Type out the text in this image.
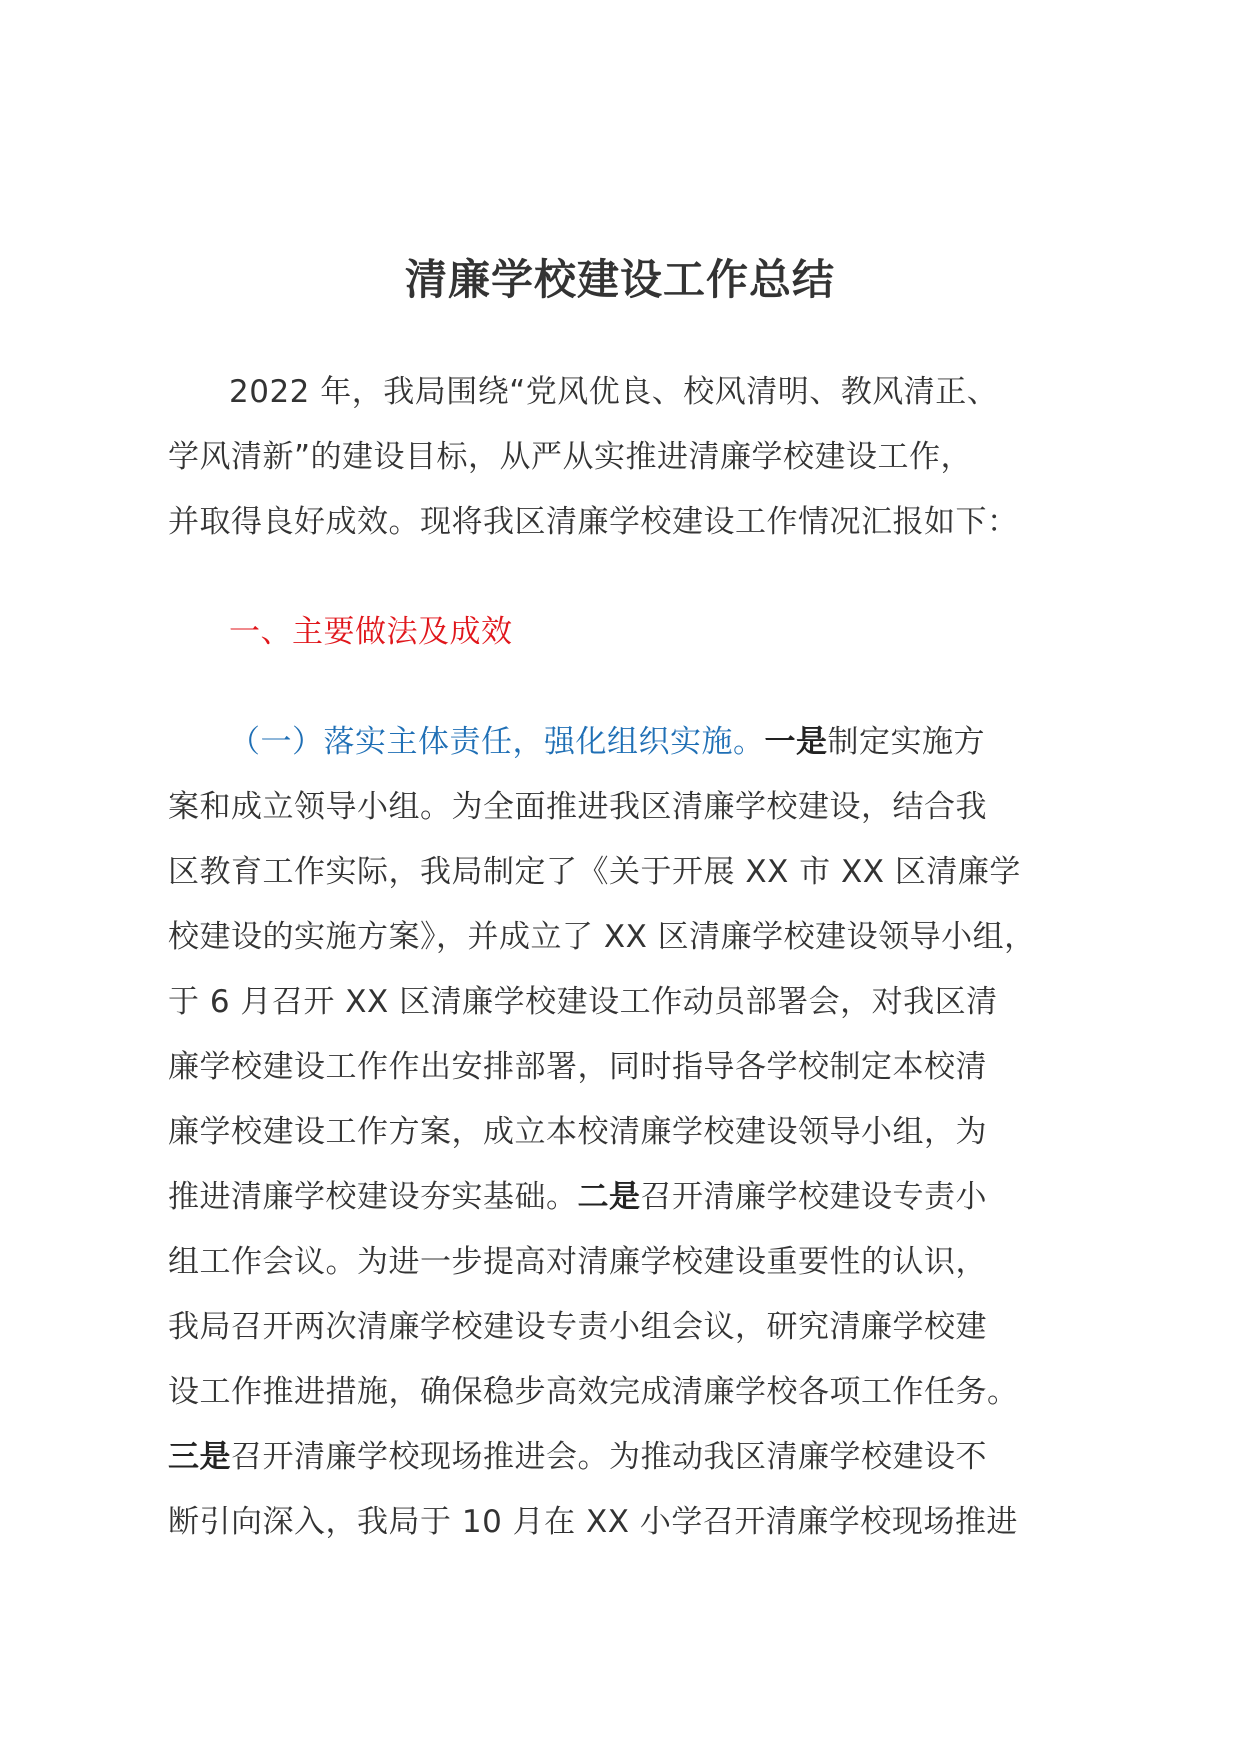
清廉学校建设工作总结
2022 年，我局围绕“党风优良、校风清明、教风清正、
学风清新”的建设目标，从严从实推进清廉学校建设工作，
并取得良好成效。现将我区清廉学校建设工作情况汇报如下：
一、主要做法及成效
（一）落实主体责任，强化组织实施。一是制定实施方
案和成立领导小组。为全面推进我区清廉学校建设，结合我
区教育工作实际，我局制定了《关于开展 XX 市 XX 区清廉学
校建设的实施方案》，并成立了 XX 区清廉学校建设领导小组，
于 6 月召开 XX 区清廉学校建设工作动员部署会，对我区清
廉学校建设工作作出安排部署，同时指导各学校制定本校清
廉学校建设工作方案，成立本校清廉学校建设领导小组，为
推进清廉学校建设夯实基础。二是召开清廉学校建设专责小
组工作会议。为进一步提高对清廉学校建设重要性的认识，
我局召开两次清廉学校建设专责小组会议，研究清廉学校建
设工作推进措施，确保稳步高效完成清廉学校各项工作任务。
三是召开清廉学校现场推进会。为推动我区清廉学校建设不
断引向深入，我局于 10 月在 XX 小学召开清廉学校现场推进
